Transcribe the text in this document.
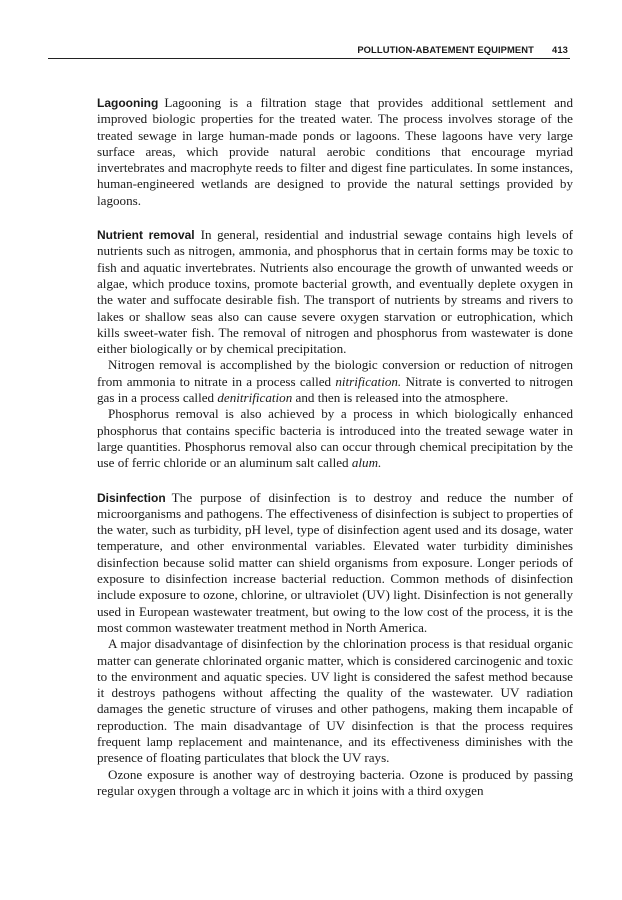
POLLUTION-ABATEMENT EQUIPMENT 413

Lagooning Lagooning is a filtration stage that provides additional settlement and improved biologic properties for the treated water. The process involves storage of the treated sewage in large human-made ponds or lagoons. These lagoons have very large surface areas, which provide natural aerobic conditions that encourage myriad invertebrates and macrophyte reeds to filter and digest fine particulates. In some instances, human-engineered wetlands are designed to provide the natural settings provided by lagoons.

Nutrient removal In general, residential and industrial sewage contains high levels of nutrients such as nitrogen, ammonia, and phosphorus that in certain forms may be toxic to fish and aquatic invertebrates. Nutrients also encourage the growth of unwanted weeds or algae, which produce toxins, promote bacterial growth, and eventually deplete oxygen in the water and suffocate desirable fish. The transport of nutrients by streams and rivers to lakes or shallow seas also can cause severe oxygen starvation or eutrophication, which kills sweet-water fish. The removal of nitrogen and phosphorus from wastewater is done either biologically or by chemical precipitation.

Nitrogen removal is accomplished by the biologic conversion or reduction of nitrogen from ammonia to nitrate in a process called nitrification. Nitrate is converted to nitrogen gas in a process called denitrification and then is released into the atmosphere.

Phosphorus removal is also achieved by a process in which biologically enhanced phosphorus that contains specific bacteria is introduced into the treated sewage water in large quantities. Phosphorus removal also can occur through chemical precipitation by the use of ferric chloride or an aluminum salt called alum.

Disinfection The purpose of disinfection is to destroy and reduce the number of microorganisms and pathogens. The effectiveness of disinfection is subject to properties of the water, such as turbidity, pH level, type of disinfection agent used and its dosage, water temperature, and other environmental variables. Elevated water turbidity diminishes disinfection because solid matter can shield organisms from exposure. Longer periods of exposure to disinfection increase bacterial reduction. Common methods of disinfection include exposure to ozone, chlorine, or ultraviolet (UV) light. Disinfection is not generally used in European wastewater treatment, but owing to the low cost of the process, it is the most common wastewater treatment method in North America.

A major disadvantage of disinfection by the chlorination process is that residual organic matter can generate chlorinated organic matter, which is considered carcinogenic and toxic to the environment and aquatic species. UV light is considered the safest method because it destroys pathogens without affecting the quality of the wastewater. UV radiation damages the genetic structure of viruses and other pathogens, making them incapable of reproduction. The main disadvantage of UV disinfection is that the process requires frequent lamp replacement and maintenance, and its effectiveness diminishes with the presence of floating particulates that block the UV rays.

Ozone exposure is another way of destroying bacteria. Ozone is produced by passing regular oxygen through a voltage arc in which it joins with a third oxygen
